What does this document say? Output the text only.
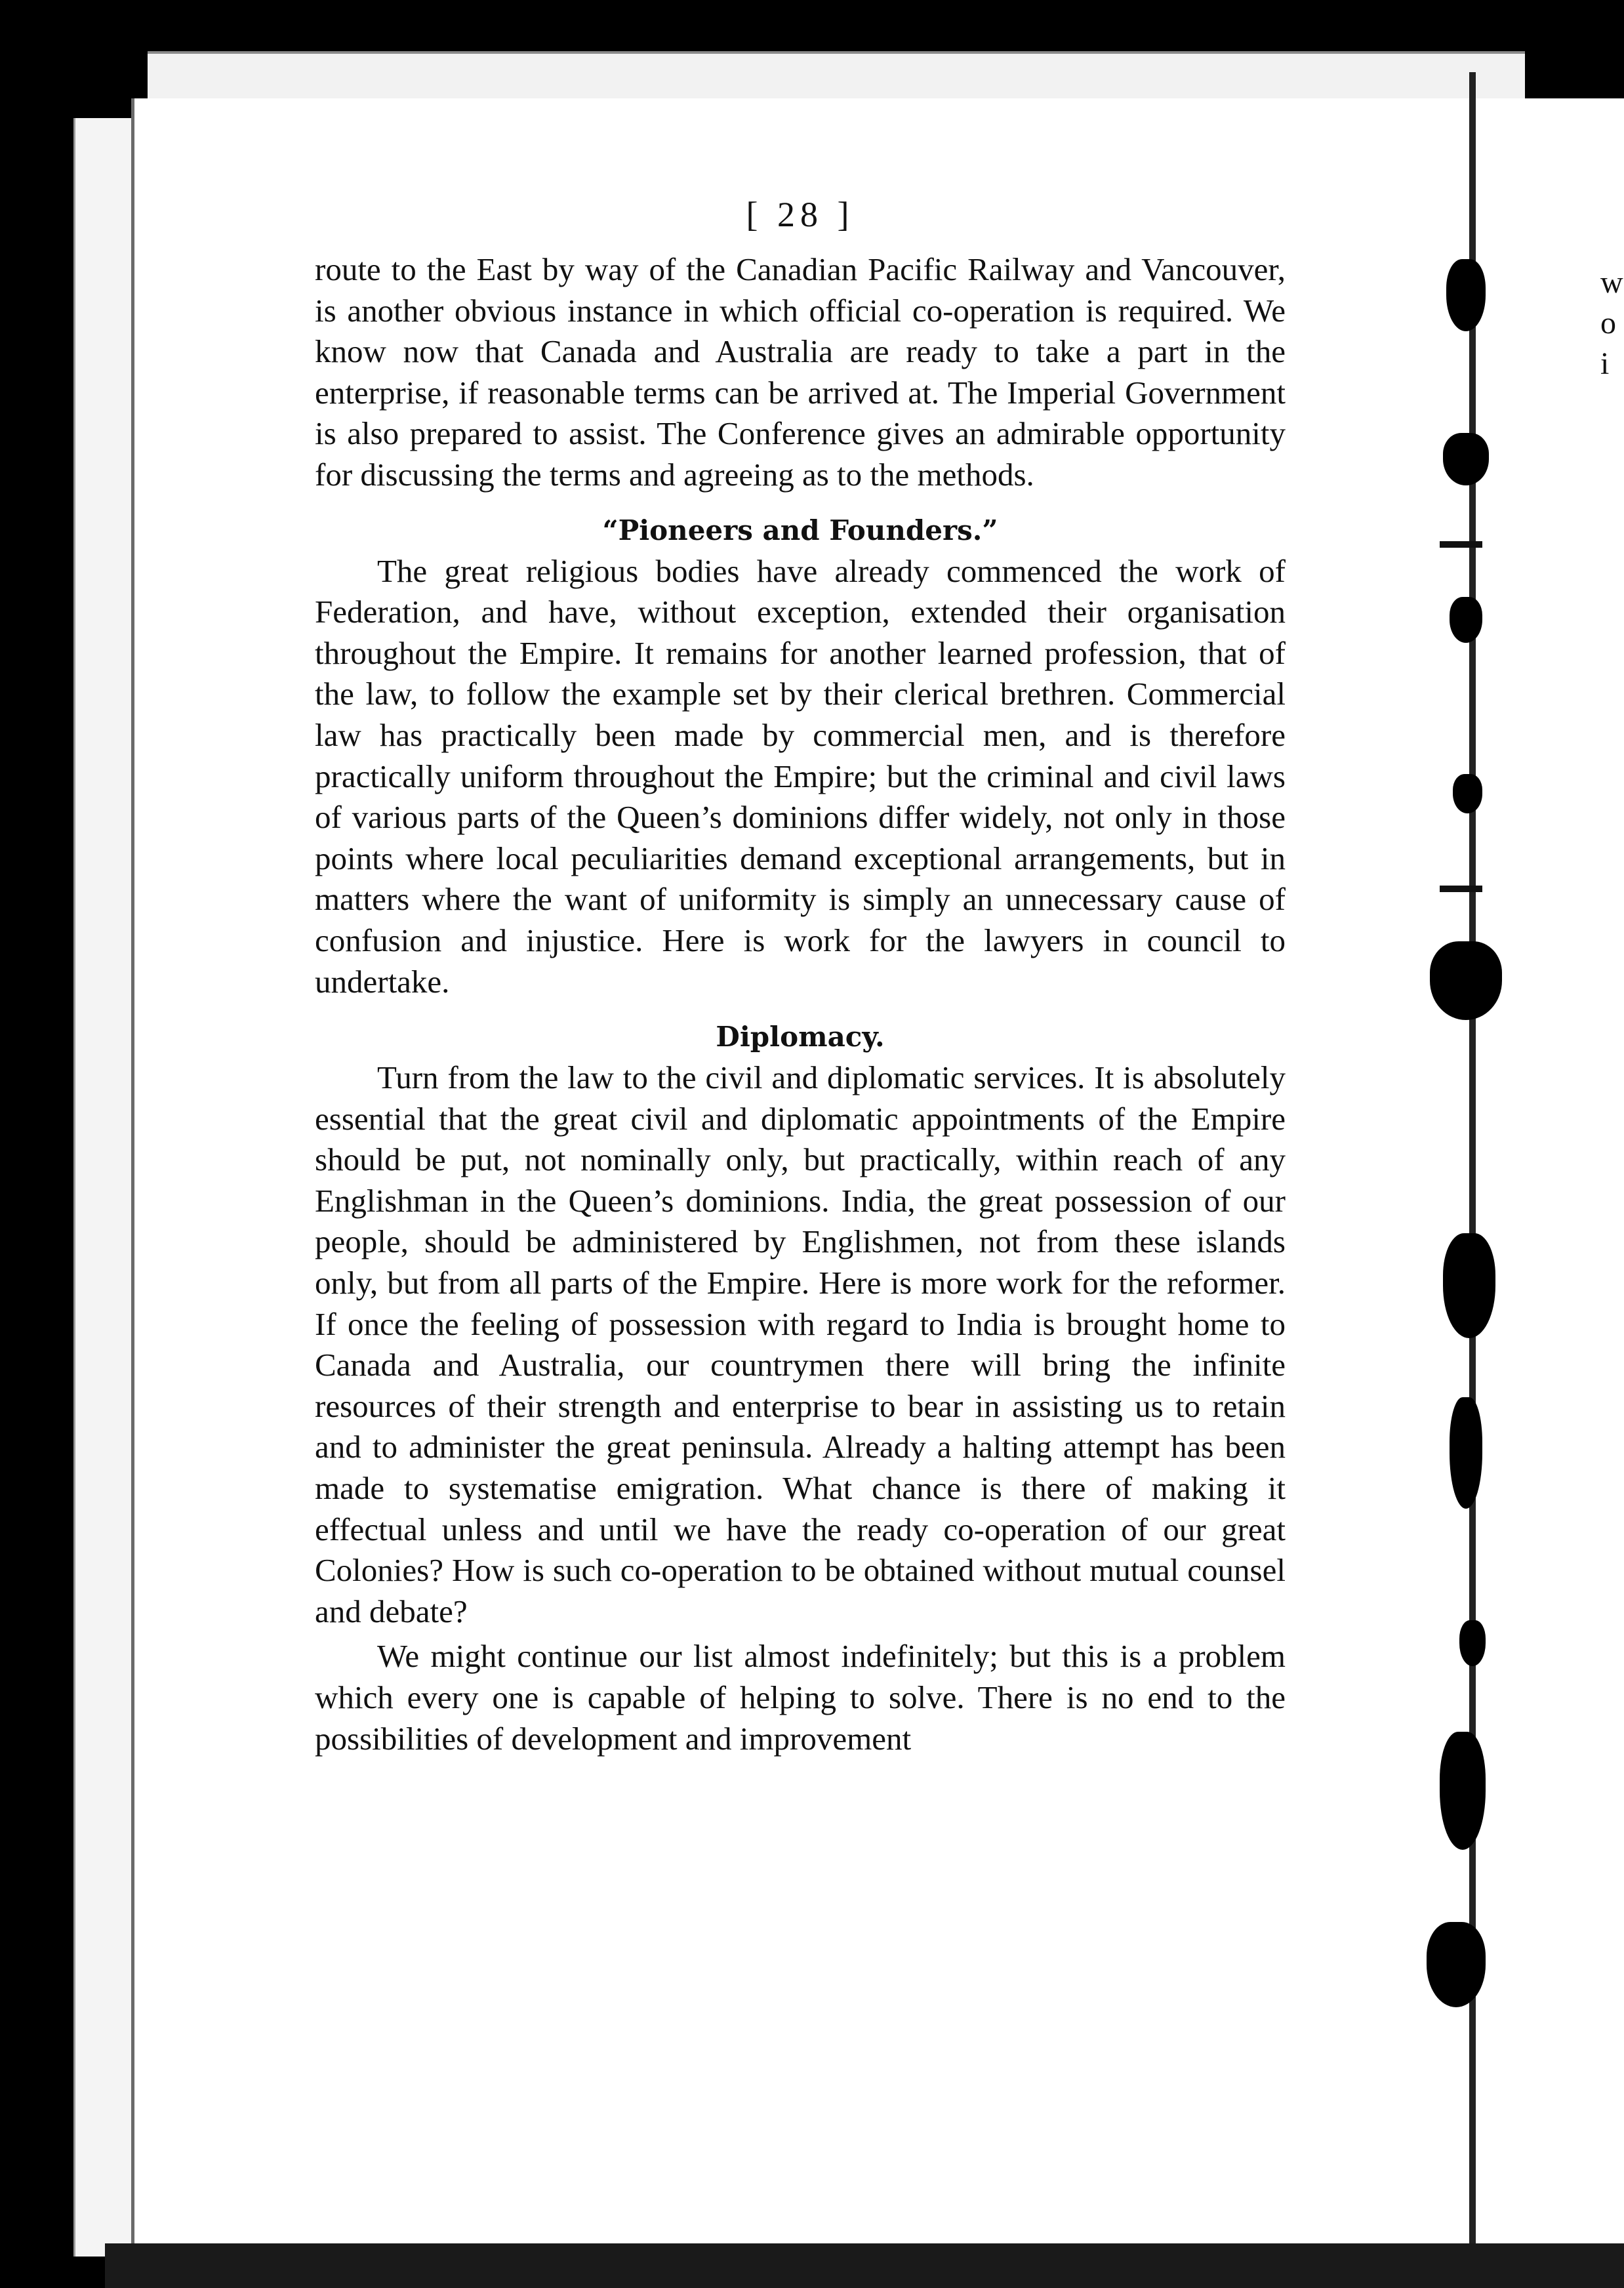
w
o
i
[ 28 ]

route to the East by way of the Canadian Pacific Railway and Vancouver, is another obvious instance in which official co-operation is required. We know now that Canada and Australia are ready to take a part in the enterprise, if reasonable terms can be arrived at. The Imperial Government is also prepared to assist. The Conference gives an admirable opportunity for discussing the terms and agreeing as to the methods.

“Pioneers and Founders.”

The great religious bodies have already commenced the work of Federation, and have, without exception, extended their organisation throughout the Empire. It remains for another learned profession, that of the law, to follow the example set by their clerical brethren. Commercial law has practically been made by commercial men, and is therefore practically uniform throughout the Empire; but the criminal and civil laws of various parts of the Queen’s dominions differ widely, not only in those points where local peculiarities demand exceptional arrangements, but in matters where the want of uniformity is simply an unnecessary cause of confusion and injustice. Here is work for the lawyers in council to undertake.

Diplomacy.

Turn from the law to the civil and diplomatic services. It is absolutely essential that the great civil and diplomatic appointments of the Empire should be put, not nominally only, but practically, within reach of any Englishman in the Queen’s dominions. India, the great possession of our people, should be administered by Englishmen, not from these islands only, but from all parts of the Empire. Here is more work for the reformer. If once the feeling of possession with regard to India is brought home to Canada and Australia, our countrymen there will bring the infinite resources of their strength and enterprise to bear in assisting us to retain and to administer the great peninsula. Already a halting attempt has been made to systematise emigration. What chance is there of making it effectual unless and until we have the ready co-operation of our great Colonies? How is such co-operation to be obtained without mutual counsel and debate?

We might continue our list almost indefinitely; but this is a problem which every one is capable of helping to solve. There is no end to the possibilities of development and improvement
